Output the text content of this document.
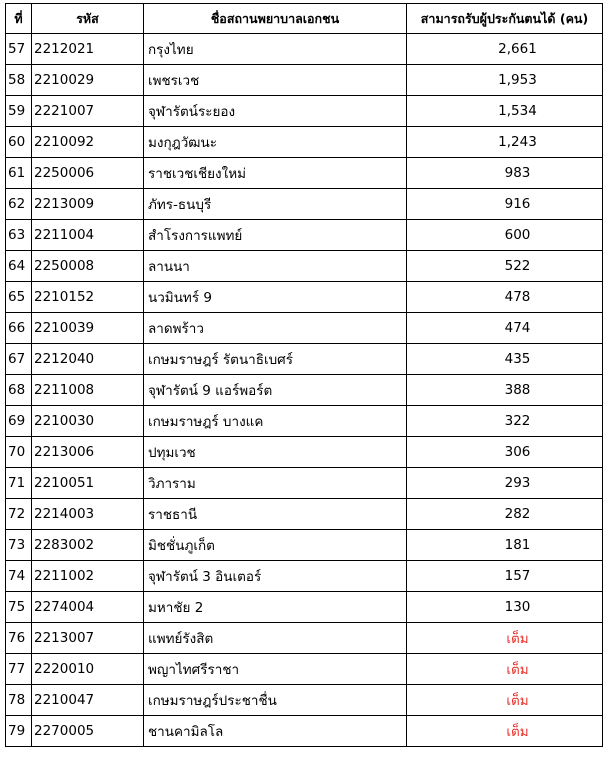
ที่	รหัส	ชื่อสถานพยาบาลเอกชน	สามารถรับผู้ประกันตนได้ (คน)
57	2212021	กรุงไทย	2,661
58	2210029	เพชรเวช	1,953
59	2221007	จุฬารัตน์ระยอง	1,534
60	2210092	มงกุฎวัฒนะ	1,243
61	2250006	ราชเวชเชียงใหม่	983
62	2213009	ภัทร-ธนบุรี	916
63	2211004	สำโรงการแพทย์	600
64	2250008	ลานนา	522
65	2210152	นวมินทร์ 9	478
66	2210039	ลาดพร้าว	474
67	2212040	เกษมราษฎร์ รัตนาธิเบศร์	435
68	2211008	จุฬารัตน์ 9 แอร์พอร์ต	388
69	2210030	เกษมราษฎร์ บางแค	322
70	2213006	ปทุมเวช	306
71	2210051	วิภาราม	293
72	2214003	ราชธานี	282
73	2283002	มิชชั่นภูเก็ต	181
74	2211002	จุฬารัตน์ 3 อินเตอร์	157
75	2274004	มหาชัย 2	130
76	2213007	แพทย์รังสิต	เต็ม
77	2220010	พญาไทศรีราชา	เต็ม
78	2210047	เกษมราษฎร์ประชาชื่น	เต็ม
79	2270005	ชานคามิลโล	เต็ม
